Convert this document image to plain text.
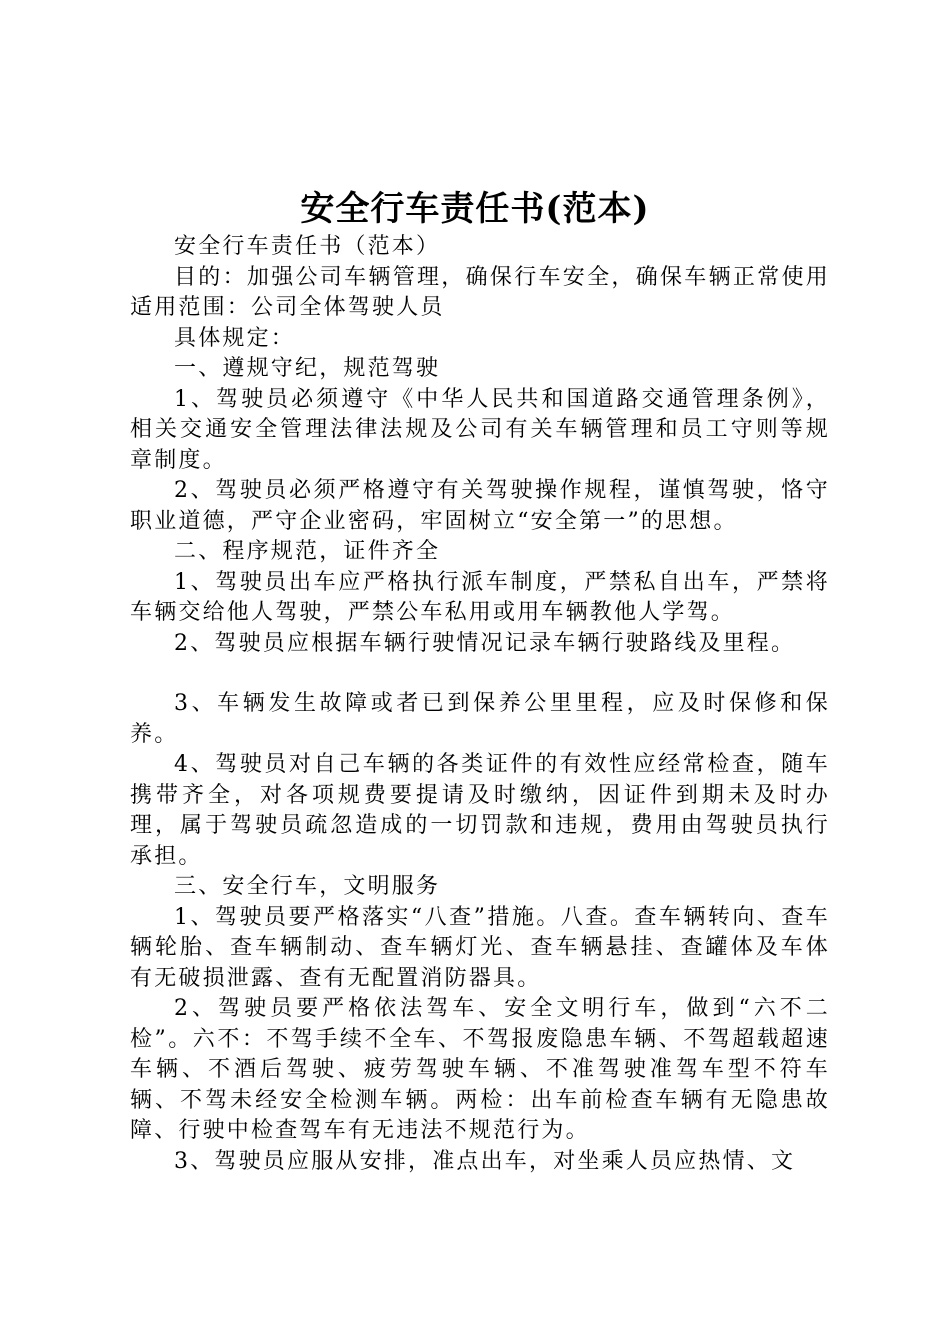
安全行车责任书(范本)

安全行车责任书（范本）

目的：加强公司车辆管理，确保行车安全，确保车辆正常使用适用范围：公司全体驾驶人员

具体规定：

一、遵规守纪，规范驾驶

1、驾驶员必须遵守《中华人民共和国道路交通管理条例》，相关交通安全管理法律法规及公司有关车辆管理和员工守则等规章制度。

2、驾驶员必须严格遵守有关驾驶操作规程，谨慎驾驶，恪守职业道德，严守企业密码，牢固树立“安全第一”的思想。

二、程序规范，证件齐全

1、驾驶员出车应严格执行派车制度，严禁私自出车，严禁将车辆交给他人驾驶，严禁公车私用或用车辆教他人学驾。

2、驾驶员应根据车辆行驶情况记录车辆行驶路线及里程。

3、车辆发生故障或者已到保养公里里程，应及时保修和保养。

4、驾驶员对自己车辆的各类证件的有效性应经常检查，随车携带齐全，对各项规费要提请及时缴纳，因证件到期未及时办理，属于驾驶员疏忽造成的一切罚款和违规，费用由驾驶员执行承担。

三、安全行车，文明服务

1、驾驶员要严格落实“八查”措施。八查。查车辆转向、查车辆轮胎、查车辆制动、查车辆灯光、查车辆悬挂、查罐体及车体有无破损泄露、查有无配置消防器具。

2、驾驶员要严格依法驾车、安全文明行车，做到“六不二检”。六不：不驾手续不全车、不驾报废隐患车辆、不驾超载超速车辆、不酒后驾驶、疲劳驾驶车辆、不准驾驶准驾车型不符车辆、不驾未经安全检测车辆。两检：出车前检查车辆有无隐患故障、行驶中检查驾车有无违法不规范行为。

3、驾驶员应服从安排，准点出车，对坐乘人员应热情、文
